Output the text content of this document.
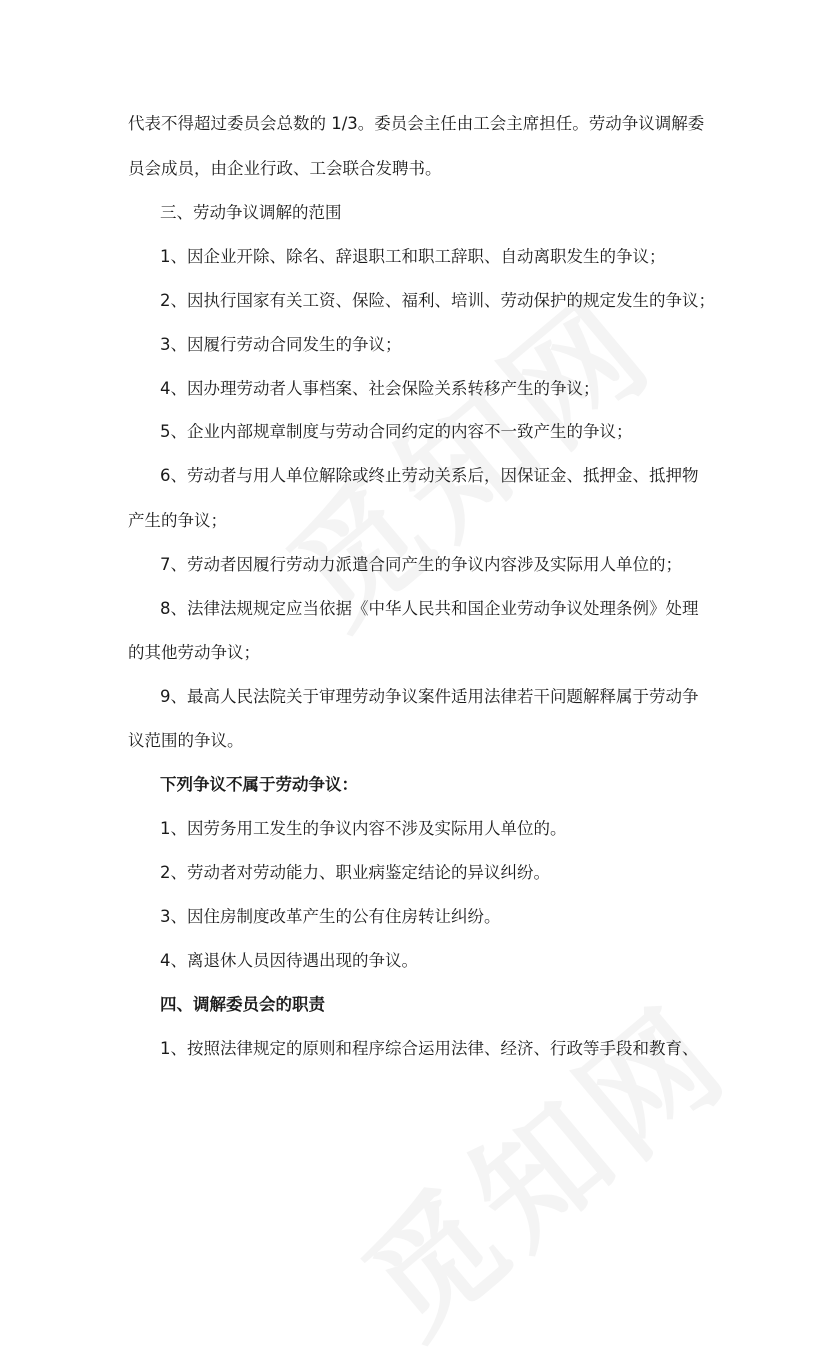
代表不得超过委员会总数的 1/3。委员会主任由工会主席担任。劳动争议调解委
员会成员，由企业行政、工会联合发聘书。
三、劳动争议调解的范围
1、因企业开除、除名、辞退职工和职工辞职、自动离职发生的争议；
2、因执行国家有关工资、保险、福利、培训、劳动保护的规定发生的争议；
3、因履行劳动合同发生的争议；
4、因办理劳动者人事档案、社会保险关系转移产生的争议；
5、企业内部规章制度与劳动合同约定的内容不一致产生的争议；
6、劳动者与用人单位解除或终止劳动关系后，因保证金、抵押金、抵押物
产生的争议；
7、劳动者因履行劳动力派遣合同产生的争议内容涉及实际用人单位的；
8、法律法规规定应当依据《中华人民共和国企业劳动争议处理条例》处理
的其他劳动争议；
9、最高人民法院关于审理劳动争议案件适用法律若干问题解释属于劳动争
议范围的争议。
下列争议不属于劳动争议：
1、因劳务用工发生的争议内容不涉及实际用人单位的。
2、劳动者对劳动能力、职业病鉴定结论的异议纠纷。
3、因住房制度改革产生的公有住房转让纠纷。
4、离退休人员因待遇出现的争议。
四、调解委员会的职责
1、按照法律规定的原则和程序综合运用法律、经济、行政等手段和教育、
